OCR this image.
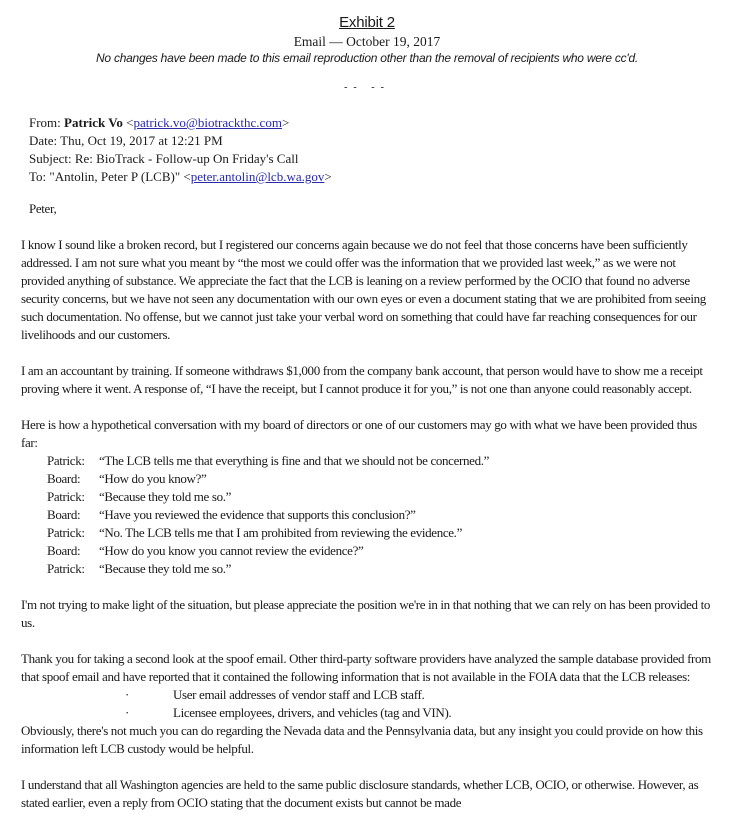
Exhibit 2
Email — October 19, 2017
No changes have been made to this email reproduction other than the removal of recipients who were cc'd.
-- --
From: Patrick Vo <patrick.vo@biotrackthc.com>
Date: Thu, Oct 19, 2017 at 12:21 PM
Subject: Re: BioTrack - Follow-up On Friday's Call
To: "Antolin, Peter P (LCB)" <peter.antolin@lcb.wa.gov>

Peter,

I know I sound like a broken record, but I registered our concerns again because we do not feel that those concerns have been sufficiently addressed. I am not sure what you meant by “the most we could offer was the information that we provided last week,” as we were not provided anything of substance. We appreciate the fact that the LCB is leaning on a review performed by the OCIO that found no adverse security concerns, but we have not seen any documentation with our own eyes or even a document stating that we are prohibited from seeing such documentation. No offense, but we cannot just take your verbal word on something that could have far reaching consequences for our livelihoods and our customers.

I am an accountant by training. If someone withdraws $1,000 from the company bank account, that person would have to show me a receipt proving where it went. A response of, “I have the receipt, but I cannot produce it for you,” is not one than anyone could reasonably accept.

Here is how a hypothetical conversation with my board of directors or one of our customers may go with what we have been provided thus far:
Patrick:	“The LCB tells me that everything is fine and that we should not be concerned.”
Board:	“How do you know?”
Patrick:	“Because they told me so.”
Board:	“Have you reviewed the evidence that supports this conclusion?”
Patrick:	“No. The LCB tells me that I am prohibited from reviewing the evidence.”
Board:	“How do you know you cannot review the evidence?”
Patrick:	“Because they told me so.”

I'm not trying to make light of the situation, but please appreciate the position we're in in that nothing that we can rely on has been provided to us.

Thank you for taking a second look at the spoof email. Other third-party software providers have analyzed the sample database provided from that spoof email and have reported that it contained the following information that is not available in the FOIA data that the LCB releases:
·	User email addresses of vendor staff and LCB staff.
·	Licensee employees, drivers, and vehicles (tag and VIN).

Obviously, there's not much you can do regarding the Nevada data and the Pennsylvania data, but any insight you could provide on how this information left LCB custody would be helpful.

I understand that all Washington agencies are held to the same public disclosure standards, whether LCB, OCIO, or otherwise. However, as stated earlier, even a reply from OCIO stating that the document exists but cannot be made
